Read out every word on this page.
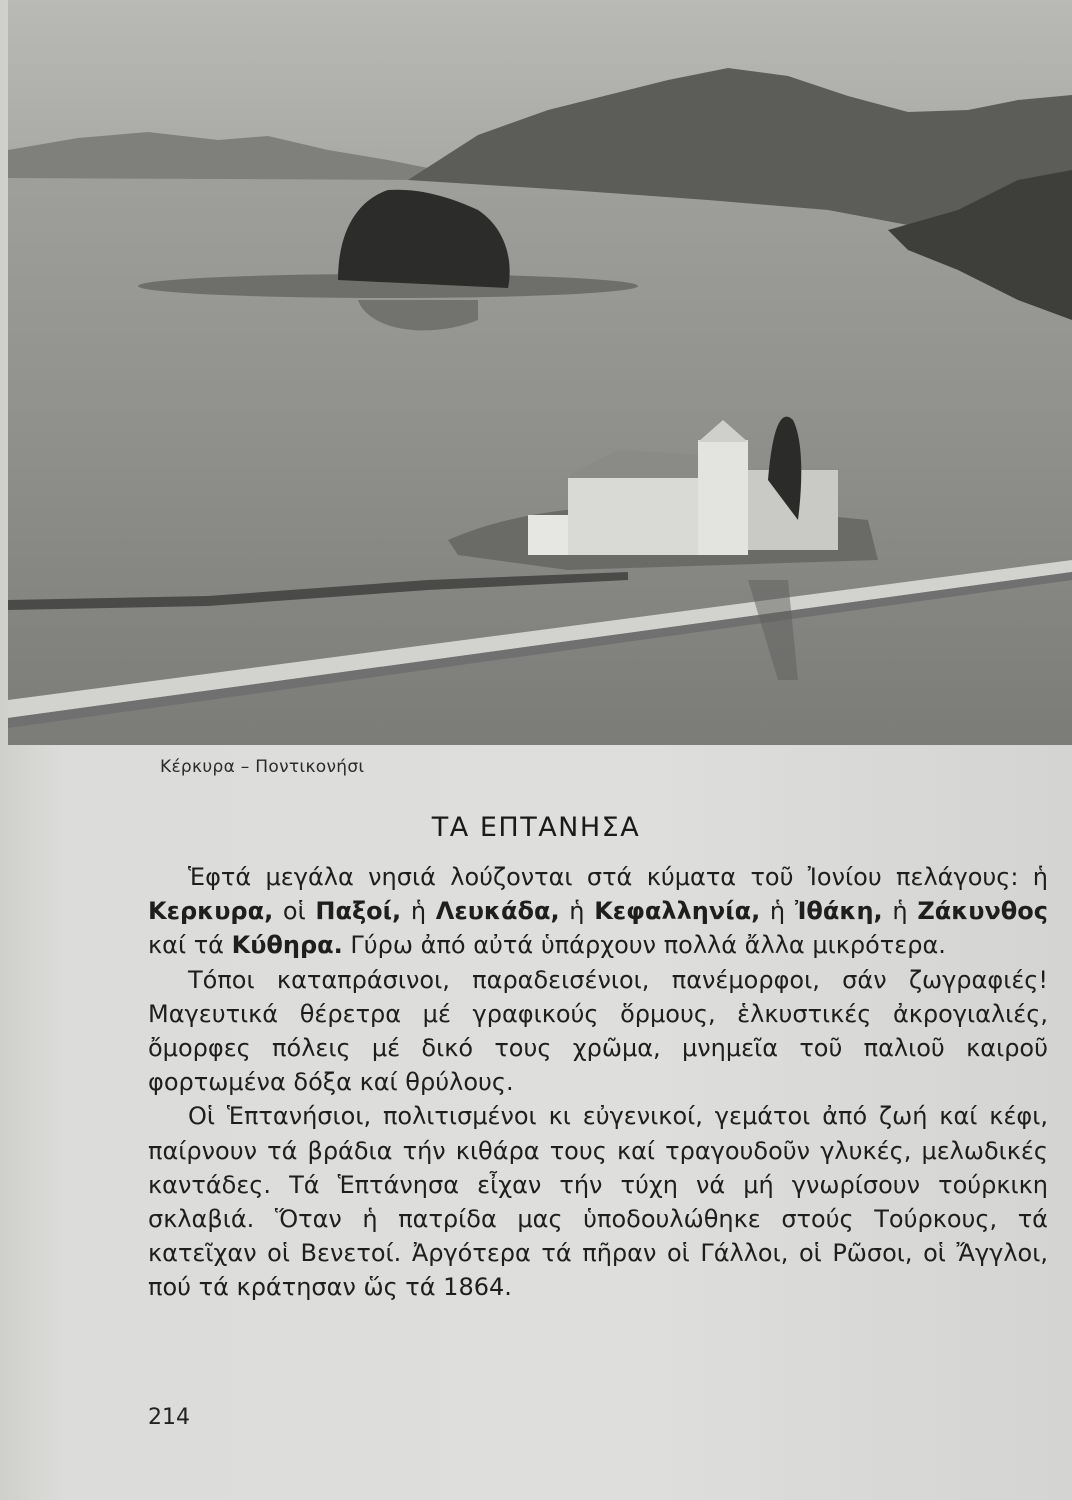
Κέρκυρα – Ποντικονήσι
ΤΑ ΕΠΤΑΝΗΣΑ

Ἑφτά μεγάλα νησιά λούζονται στά κύματα τοῦ Ἰονίου πελάγους: ἡ Κερκυρα, οἱ Παξοί, ἡ Λευκάδα, ἡ Κεφαλληνία, ἡ Ἰθάκη, ἡ Ζάκυνθος καί τά Κύθηρα. Γύρω ἀπό αὐτά ὑπάρχουν πολλά ἄλλα μικρότερα.

Τόποι καταπράσινοι, παραδεισένιοι, πανέμορφοι, σάν ζωγραφιές! Μαγευτικά θέρετρα μέ γραφικούς ὅρμους, ἑλκυστικές ἀκρογιαλιές, ὄμορφες πόλεις μέ δικό τους χρῶμα, μνημεῖα τοῦ παλιοῦ καιροῦ φορτωμένα δόξα καί θρύλους.

Οἱ Ἑπτανήσιοι, πολιτισμένοι κι εὐγενικοί, γεμάτοι ἀπό ζωή καί κέφι, παίρνουν τά βράδια τήν κιθάρα τους καί τραγουδοῦν γλυκές, μελωδικές καντάδες. Τά Ἑπτάνησα εἶχαν τήν τύχη νά μή γνωρίσουν τούρκικη σκλαβιά. Ὅταν ἡ πατρίδα μας ὑποδουλώθηκε στούς Τούρκους, τά κατεῖχαν οἱ Βενετοί. Ἀργότερα τά πῆραν οἱ Γάλλοι, οἱ Ρῶσοι, οἱ Ἄγγλοι, πού τά κράτησαν ὥς τά 1864.

214
